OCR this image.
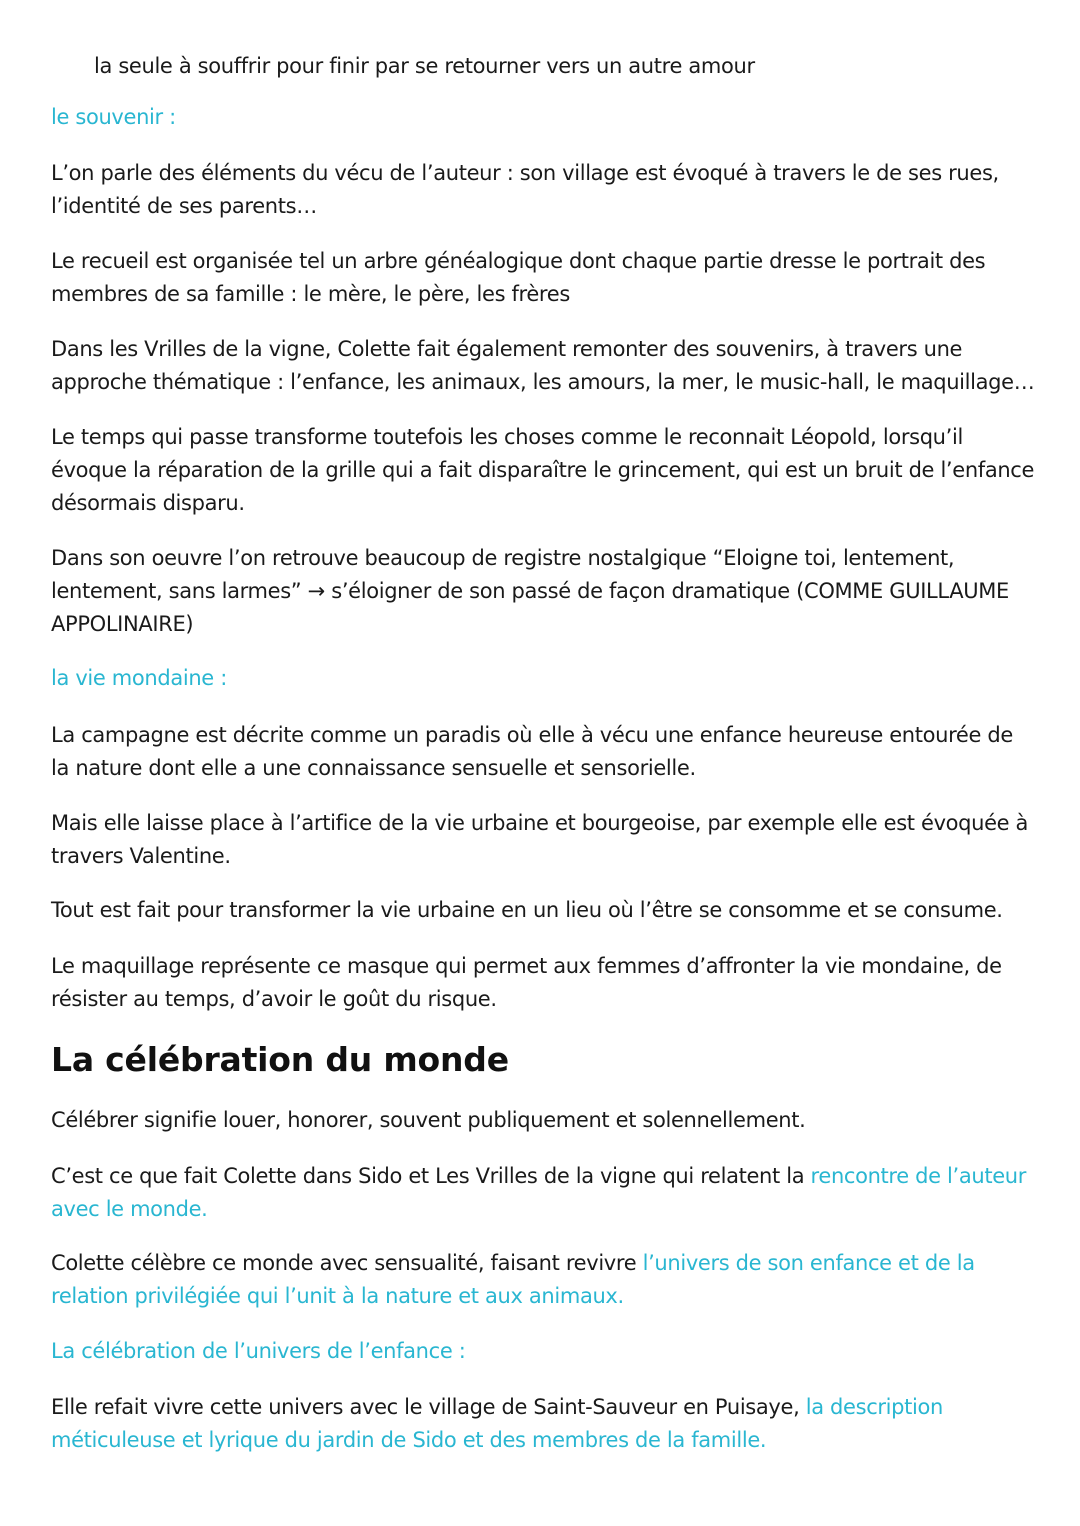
la seule à souffrir pour finir par se retourner vers un autre amour

le souvenir :

L’on parle des éléments du vécu de l’auteur : son village est évoqué à travers le de ses rues, l’identité de ses parents…

Le recueil est organisée tel un arbre généalogique dont chaque partie dresse le portrait des membres de sa famille : le mère, le père, les frères

Dans les Vrilles de la vigne, Colette fait également remonter des souvenirs, à travers une approche thématique : l’enfance, les animaux, les amours, la mer, le music-hall, le maquillage…

Le temps qui passe transforme toutefois les choses comme le reconnait Léopold, lorsqu’il évoque la réparation de la grille qui a fait disparaître le grincement, qui est un bruit de l’enfance désormais disparu.

Dans son oeuvre l’on retrouve beaucoup de registre nostalgique “Eloigne toi, lentement, lentement, sans larmes” → s’éloigner de son passé de façon dramatique (COMME GUILLAUME APPOLINAIRE)

la vie mondaine :

La campagne est décrite comme un paradis où elle à vécu une enfance heureuse entourée de la nature dont elle a une connaissance sensuelle et sensorielle.

Mais elle laisse place à l’artifice de la vie urbaine et bourgeoise, par exemple elle est évoquée à travers Valentine.

Tout est fait pour transformer la vie urbaine en un lieu où l’être se consomme et se consume.

Le maquillage représente ce masque qui permet aux femmes d’affronter la vie mondaine, de résister au temps, d’avoir le goût du risque.

La célébration du monde

Célébrer signifie louer, honorer, souvent publiquement et solennellement.

C’est ce que fait Colette dans Sido et Les Vrilles de la vigne qui relatent la rencontre de l’auteur avec le monde.

Colette célèbre ce monde avec sensualité, faisant revivre l’univers de son enfance et de la relation privilégiée qui l’unit à la nature et aux animaux.

La célébration de l’univers de l’enfance :

Elle refait vivre cette univers avec le village de Saint-Sauveur en Puisaye, la description méticuleuse et lyrique du jardin de Sido et des membres de la famille.
